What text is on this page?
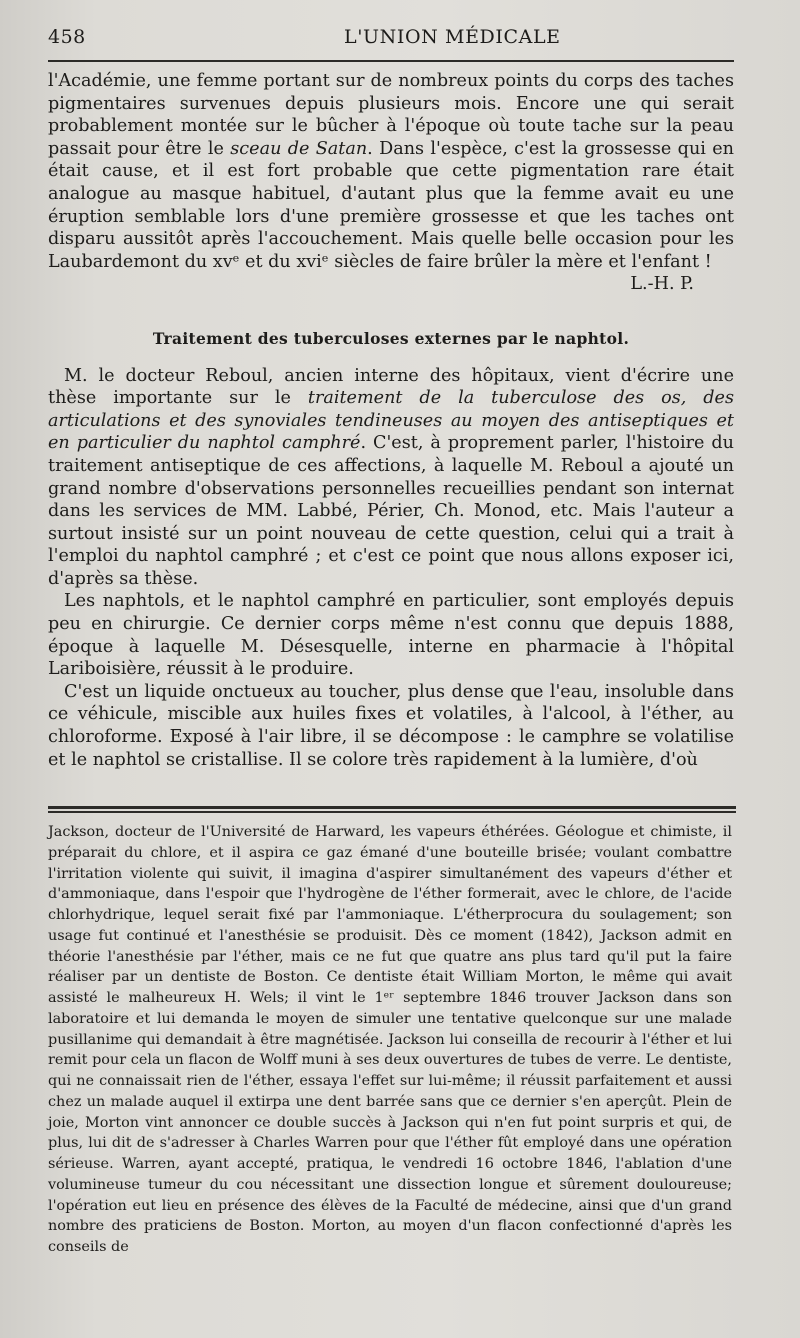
458	L'UNION MÉDICALE

l'Académie, une femme portant sur de nombreux points du corps des taches pigmentaires survenues depuis plusieurs mois. Encore une qui serait probablement montée sur le bûcher à l'époque où toute tache sur la peau passait pour être le sceau de Satan. Dans l'espèce, c'est la grossesse qui en était cause, et il est fort probable que cette pigmentation rare était analogue au masque habituel, d'autant plus que la femme avait eu une éruption semblable lors d'une première grossesse et que les taches ont disparu aussitôt après l'accouchement. Mais quelle belle occasion pour les Laubardemont du xvᵉ et du xviᵉ siècles de faire brûler la mère et l'enfant !

L.-H. P.

Traitement des tuberculoses externes par le naphtol.

M. le docteur Reboul, ancien interne des hôpitaux, vient d'écrire une thèse importante sur le traitement de la tuberculose des os, des articulations et des synoviales tendineuses au moyen des antiseptiques et en particulier du naphtol camphré. C'est, à proprement parler, l'histoire du traitement antiseptique de ces affections, à laquelle M. Reboul a ajouté un grand nombre d'observations personnelles recueillies pendant son internat dans les services de MM. Labbé, Périer, Ch. Monod, etc. Mais l'auteur a surtout insisté sur un point nouveau de cette question, celui qui a trait à l'emploi du naphtol camphré ; et c'est ce point que nous allons exposer ici, d'après sa thèse.

Les naphtols, et le naphtol camphré en particulier, sont employés depuis peu en chirurgie. Ce dernier corps même n'est connu que depuis 1888, époque à laquelle M. Désesquelle, interne en pharmacie à l'hôpital Lariboisière, réussit à le produire.

C'est un liquide onctueux au toucher, plus dense que l'eau, insoluble dans ce véhicule, miscible aux huiles fixes et volatiles, à l'alcool, à l'éther, au chloroforme. Exposé à l'air libre, il se décompose : le camphre se volatilise et le naphtol se cristallise. Il se colore très rapidement à la lumière, d'où

Jackson, docteur de l'Université de Harward, les vapeurs éthérées. Géologue et chimiste, il préparait du chlore, et il aspira ce gaz émané d'une bouteille brisée; voulant combattre l'irritation violente qui suivit, il imagina d'aspirer simultanément des vapeurs d'éther et d'ammoniaque, dans l'espoir que l'hydrogène de l'éther formerait, avec le chlore, de l'acide chlorhydrique, lequel serait fixé par l'ammoniaque. L'étherprocura du soulagement; son usage fut continué et l'anesthésie se produisit. Dès ce moment (1842), Jackson admit en théorie l'anesthésie par l'éther, mais ce ne fut que quatre ans plus tard qu'il put la faire réaliser par un dentiste de Boston. Ce dentiste était William Morton, le même qui avait assisté le malheureux H. Wels; il vint le 1ᵉʳ septembre 1846 trouver Jackson dans son laboratoire et lui demanda le moyen de simuler une tentative quelconque sur une malade pusillanime qui demandait à être magnétisée. Jackson lui conseilla de recourir à l'éther et lui remit pour cela un flacon de Wolff muni à ses deux ouvertures de tubes de verre. Le dentiste, qui ne connaissait rien de l'éther, essaya l'effet sur lui-même; il réussit parfaitement et aussi chez un malade auquel il extirpa une dent barrée sans que ce dernier s'en aperçût. Plein de joie, Morton vint annoncer ce double succès à Jackson qui n'en fut point surpris et qui, de plus, lui dit de s'adresser à Charles Warren pour que l'éther fût employé dans une opération sérieuse. Warren, ayant accepté, pratiqua, le vendredi 16 octobre 1846, l'ablation d'une volumineuse tumeur du cou nécessitant une dissection longue et sûrement douloureuse; l'opération eut lieu en présence des élèves de la Faculté de médecine, ainsi que d'un grand nombre des praticiens de Boston. Morton, au moyen d'un flacon confectionné d'après les conseils de
